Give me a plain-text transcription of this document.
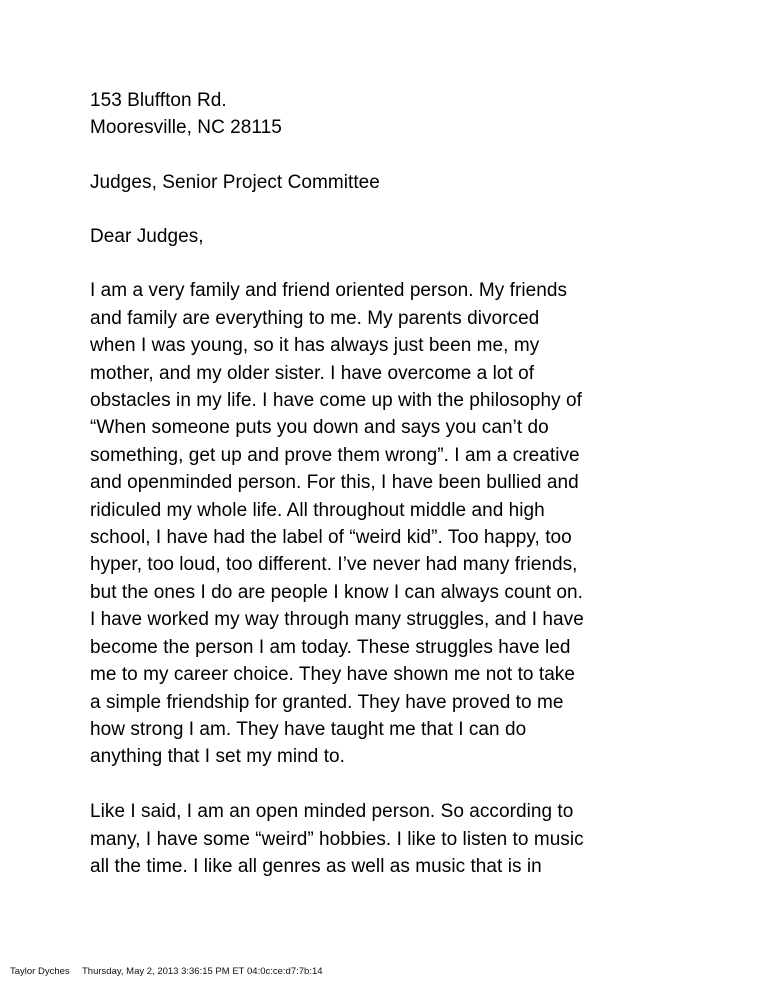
153 Bluffton Rd.
Mooresville, NC 28115
Judges, Senior Project Committee
Dear Judges,
I am a very family and friend oriented person. My friends
and family are everything to me. My parents divorced
when I was young, so it has always just been me, my
mother, and my older sister. I have overcome a lot of
obstacles in my life. I have come up with the philosophy of
“When someone puts you down and says you can’t do
something, get up and prove them wrong”. I am a creative
and openminded person. For this, I have been bullied and
ridiculed my whole life. All throughout middle and high
school, I have had the label of “weird kid”. Too happy, too
hyper, too loud, too different. I’ve never had many friends,
but the ones I do are people I know I can always count on.
I have worked my way through many struggles, and I have
become the person I am today. These struggles have led
me to my career choice. They have shown me not to take
a simple friendship for granted. They have proved to me
how strong I am. They have taught me that I can do
anything that I set my mind to.
Like I said, I am an open minded person. So according to
many, I have some “weird” hobbies. I like to listen to music
all the time. I like all genres as well as music that is in
Taylor Dyches Thursday, May 2, 2013 3:36:15 PM ET 04:0c:ce:d7:7b:14
